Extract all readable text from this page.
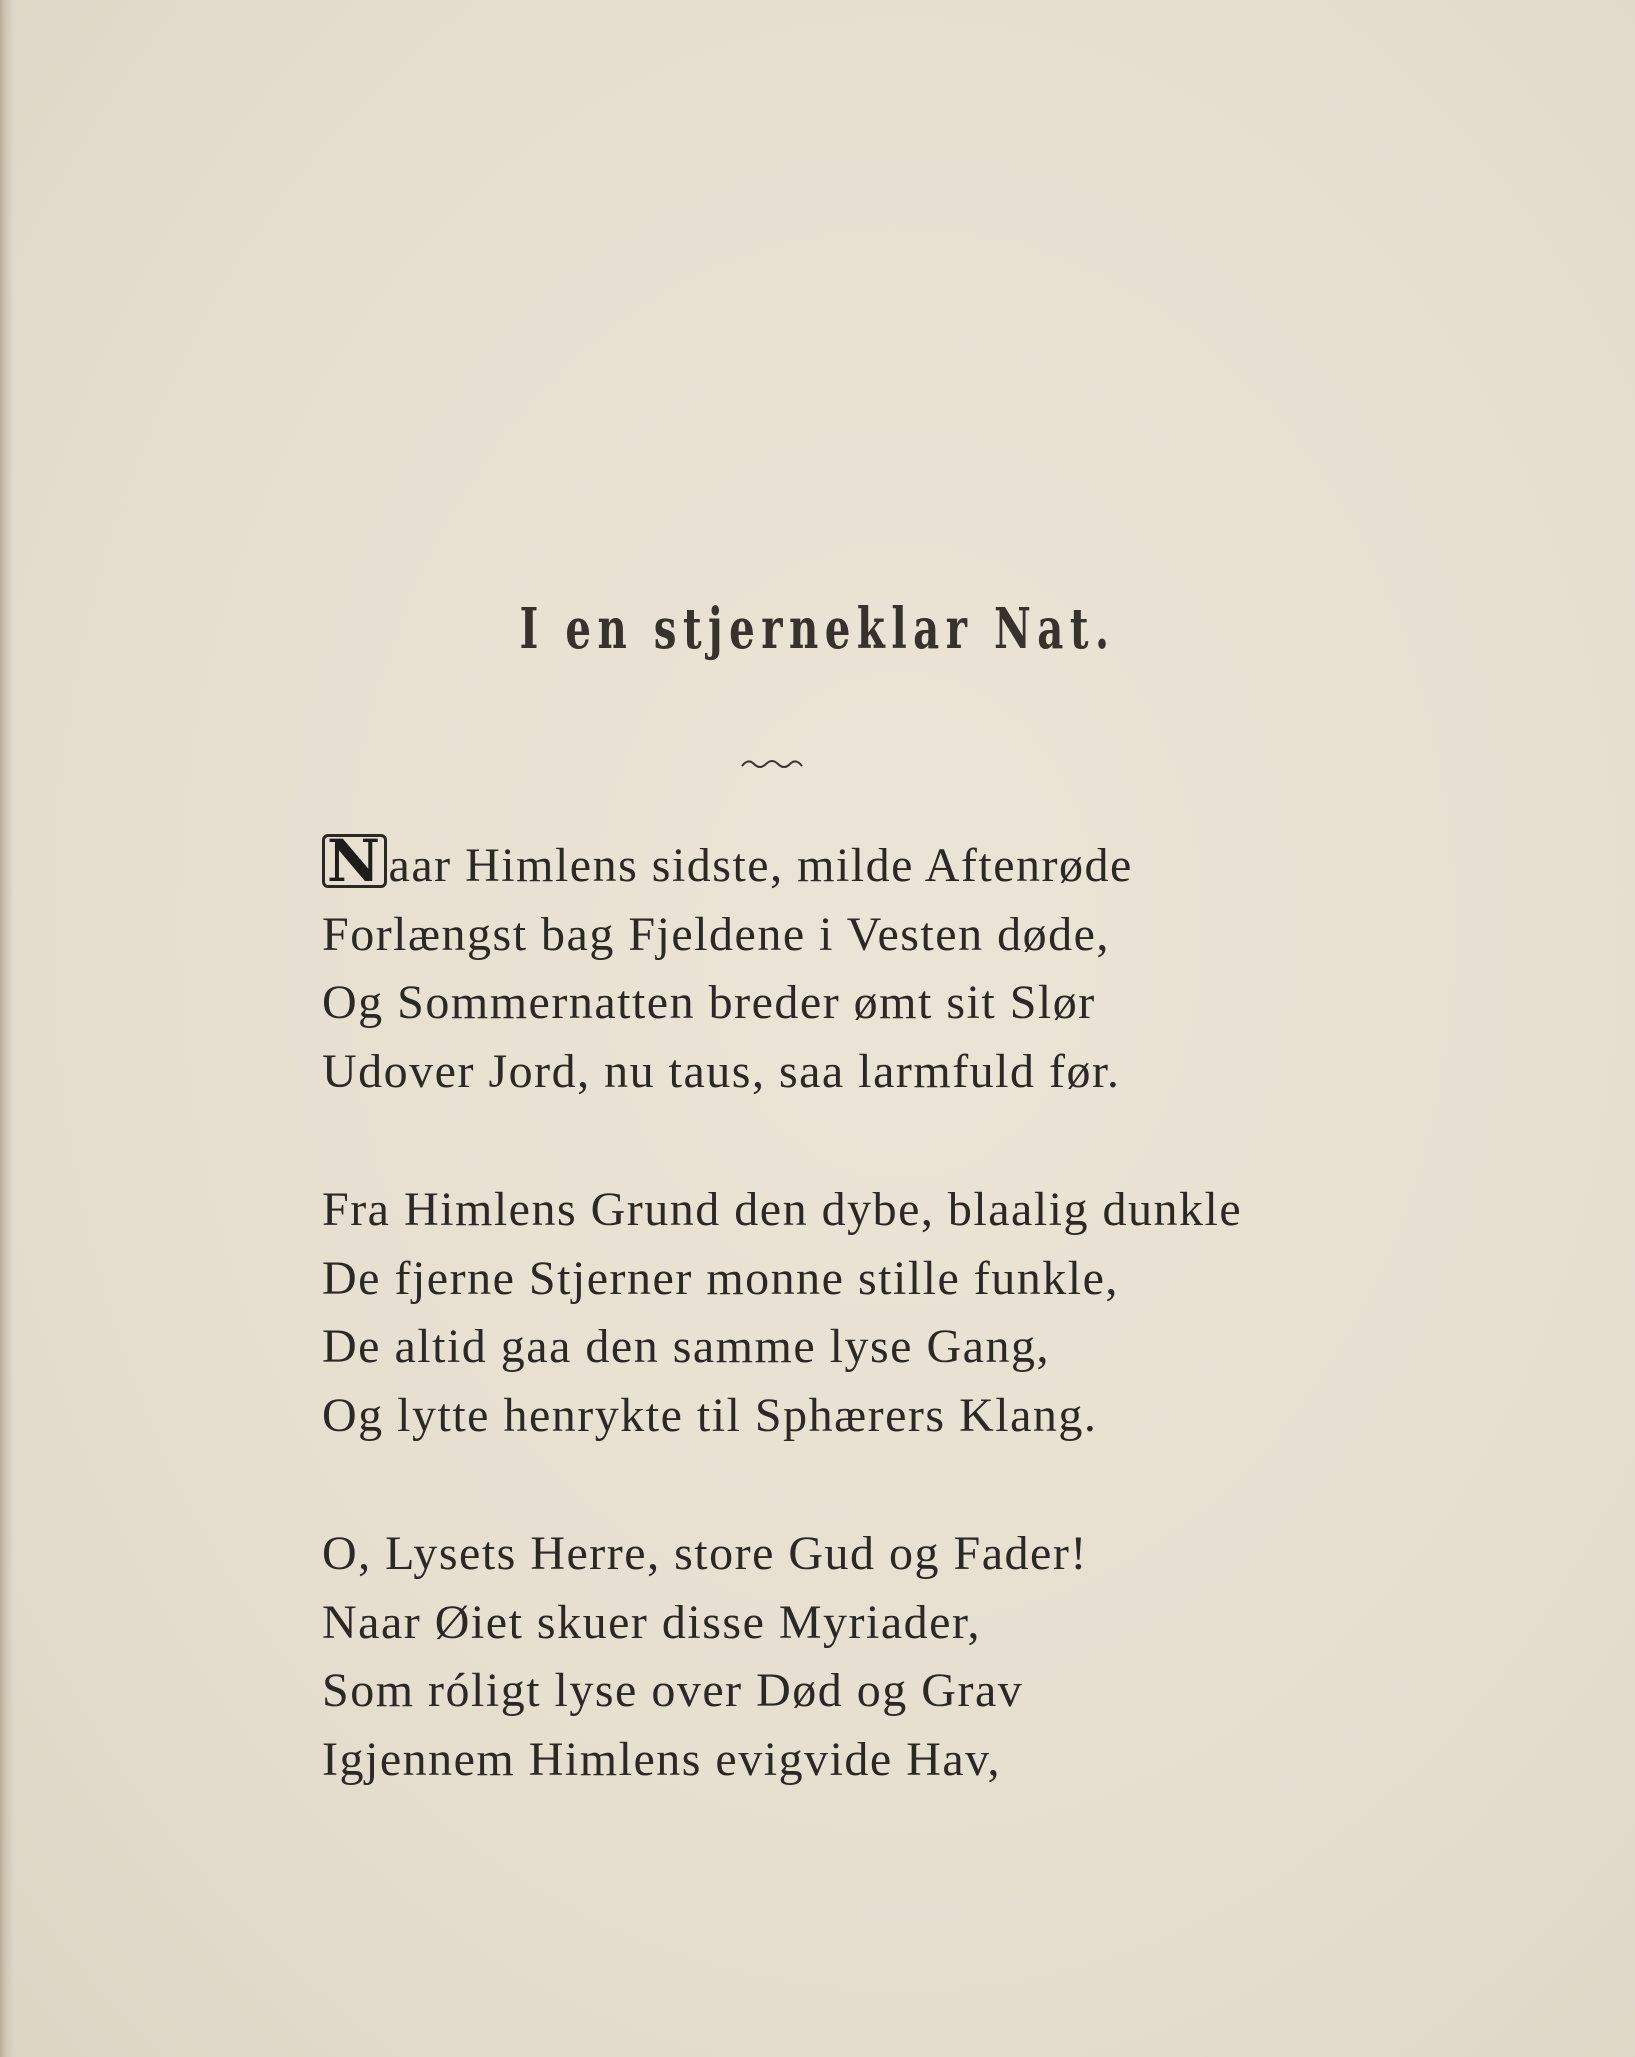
I en stjerneklar Nat.
N aar Himlens sidste, milde Aftenrøde
Forlængst bag Fjeldene i Vesten døde,
Og Sommernatten breder ømt sit Slør
Udover Jord, nu taus, saa larmfuld før.
Fra Himlens Grund den dybe, blaalig dunkle
De fjerne Stjerner monne stille funkle,
De altid gaa den samme lyse Gang,
Og lytte henrykte til Sphærers Klang.
O, Lysets Herre, store Gud og Fader!
Naar Øiet skuer disse Myriader,
Som róligt lyse over Død og Grav
Igjennem Himlens evigvide Hav,
